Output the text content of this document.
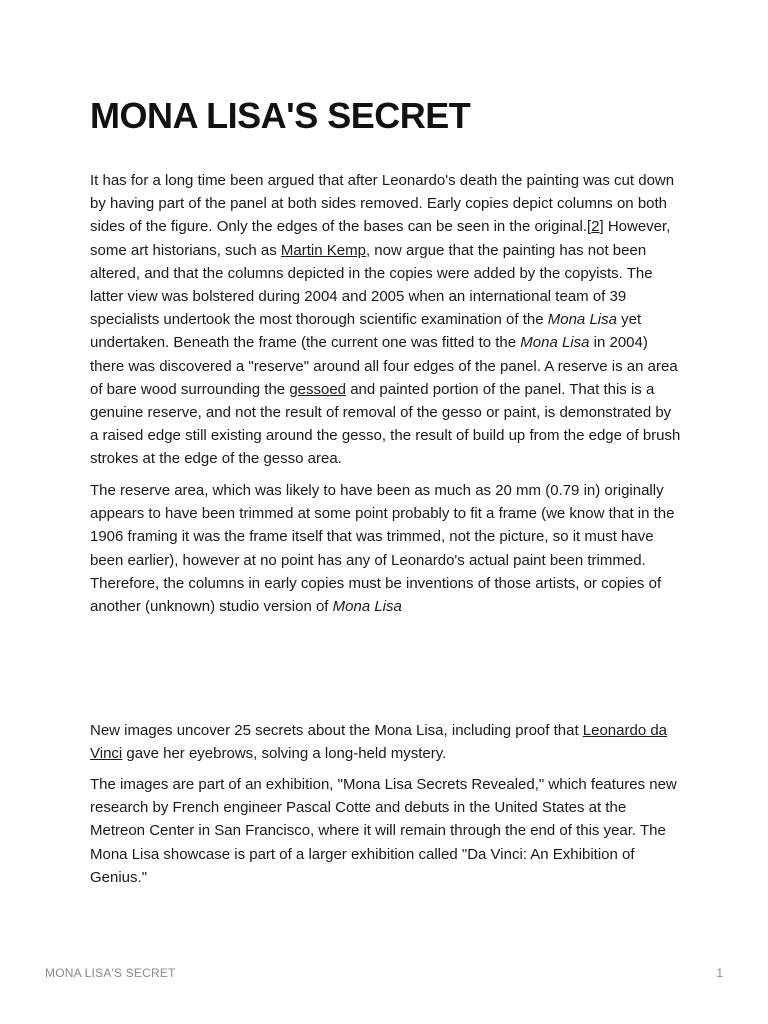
MONA LISA'S SECRET

It has for a long time been argued that after Leonardo's death the painting was cut down by having part of the panel at both sides removed. Early copies depict columns on both sides of the figure. Only the edges of the bases can be seen in the original.[2] However, some art historians, such as Martin Kemp, now argue that the painting has not been altered, and that the columns depicted in the copies were added by the copyists. The latter view was bolstered during 2004 and 2005 when an international team of 39 specialists undertook the most thorough scientific examination of the Mona Lisa yet undertaken. Beneath the frame (the current one was fitted to the Mona Lisa in 2004) there was discovered a "reserve" around all four edges of the panel. A reserve is an area of bare wood surrounding the gessoed and painted portion of the panel. That this is a genuine reserve, and not the result of removal of the gesso or paint, is demonstrated by a raised edge still existing around the gesso, the result of build up from the edge of brush strokes at the edge of the gesso area.

The reserve area, which was likely to have been as much as 20 mm (0.79 in) originally appears to have been trimmed at some point probably to fit a frame (we know that in the 1906 framing it was the frame itself that was trimmed, not the picture, so it must have been earlier), however at no point has any of Leonardo's actual paint been trimmed. Therefore, the columns in early copies must be inventions of those artists, or copies of another (unknown) studio version of Mona Lisa

New images uncover 25 secrets about the Mona Lisa, including proof that Leonardo da Vinci gave her eyebrows, solving a long-held mystery.

The images are part of an exhibition, "Mona Lisa Secrets Revealed," which features new research by French engineer Pascal Cotte and debuts in the United States at the Metreon Center in San Francisco, where it will remain through the end of this year. The Mona Lisa showcase is part of a larger exhibition called "Da Vinci: An Exhibition of Genius."

MONA LISA'S SECRET	1
